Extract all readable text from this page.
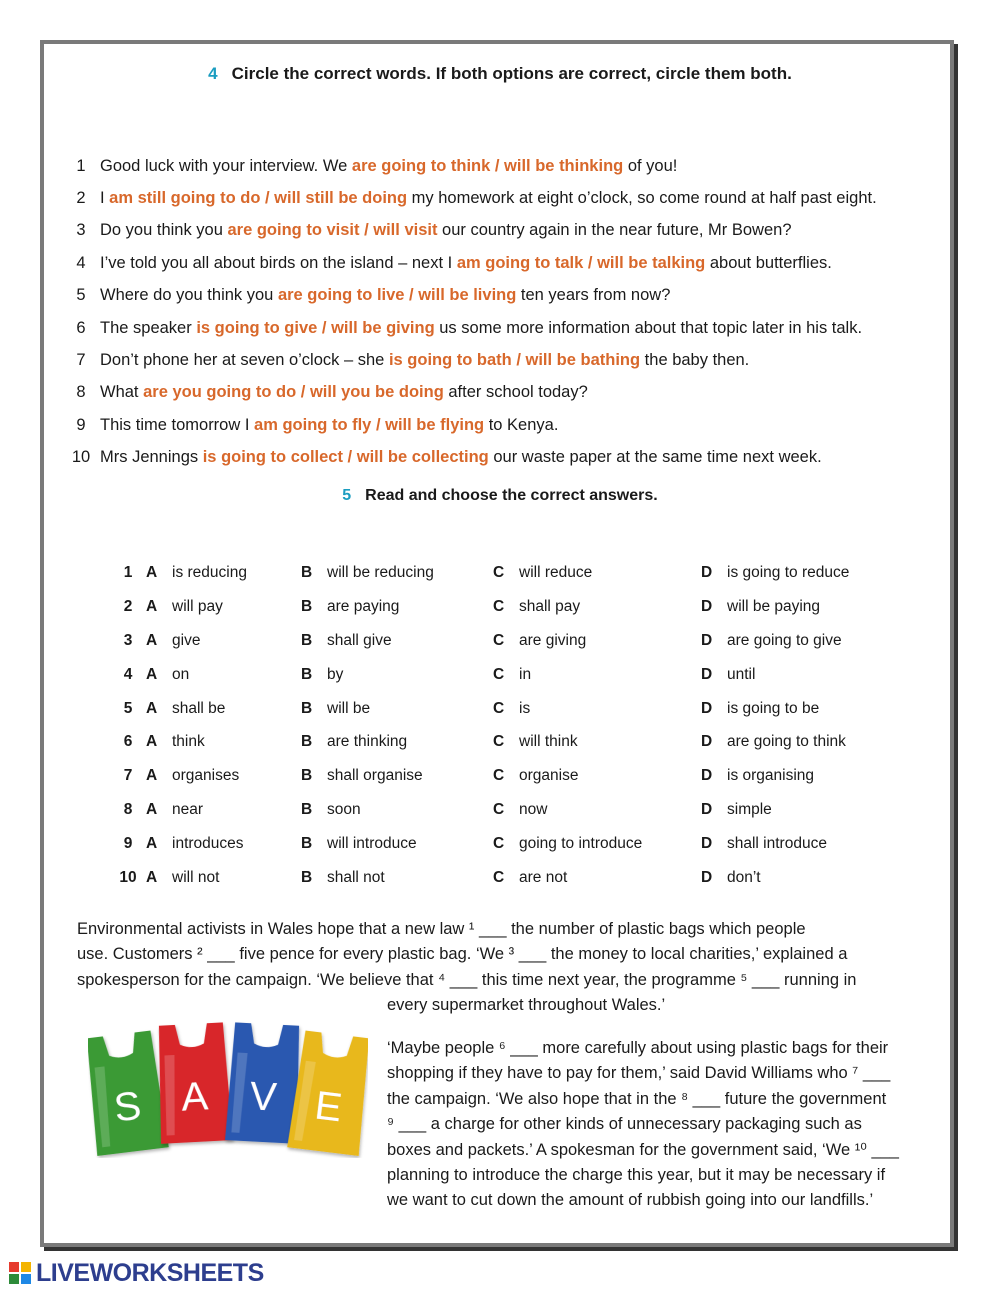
4 Circle the correct words. If both options are correct, circle them both.
1 Good luck with your interview. We are going to think / will be thinking of you!
2 I am still going to do / will still be doing my homework at eight o’clock, so come round at half past eight.
3 Do you think you are going to visit / will visit our country again in the near future, Mr Bowen?
4 I’ve told you all about birds on the island – next I am going to talk / will be talking about butterflies.
5 Where do you think you are going to live / will be living ten years from now?
6 The speaker is going to give / will be giving us some more information about that topic later in his talk.
7 Don’t phone her at seven o’clock – she is going to bath / will be bathing the baby then.
8 What are you going to do / will you be doing after school today?
9 This time tomorrow I am going to fly / will be flying to Kenya.
10 Mrs Jennings is going to collect / will be collecting our waste paper at the same time next week.
5 Read and choose the correct answers.
1 A is reducing	B will be reducing	C will reduce	D is going to reduce
2 A will pay	B are paying	C shall pay	D will be paying
3 A give	B shall give	C are giving	D are going to give
4 A on	B by	C in	D until
5 A shall be	B will be	C is	D is going to be
6 A think	B are thinking	C will think	D are going to think
7 A organises	B shall organise	C organise	D is organising
8 A near	B soon	C now	D simple
9 A introduces	B will introduce	C going to introduce	D shall introduce
10 A will not	B shall not	C are not	D don’t
Environmental activists in Wales hope that a new law ¹ ___ the number of plastic bags which people
use. Customers ² ___ five pence for every plastic bag. ‘We ³ ___ the money to local charities,’ explained a
spokesperson for the campaign. ‘We believe that ⁴ ___ this time next year, the programme ⁵ ___ running in
every supermarket throughout Wales.’
‘Maybe people ⁶ ___ more carefully about using plastic bags for their
shopping if they have to pay for them,’ said David Williams who ⁷ ___
the campaign. ‘We also hope that in the ⁸ ___ future the government
⁹ ___ a charge for other kinds of unnecessary packaging such as
boxes and packets.’ A spokesman for the government said, ‘We ¹⁰ ___
planning to introduce the charge this year, but it may be necessary if
we want to cut down the amount of rubbish going into our landfills.’
S A V E
LIVEWORKSHEETS
